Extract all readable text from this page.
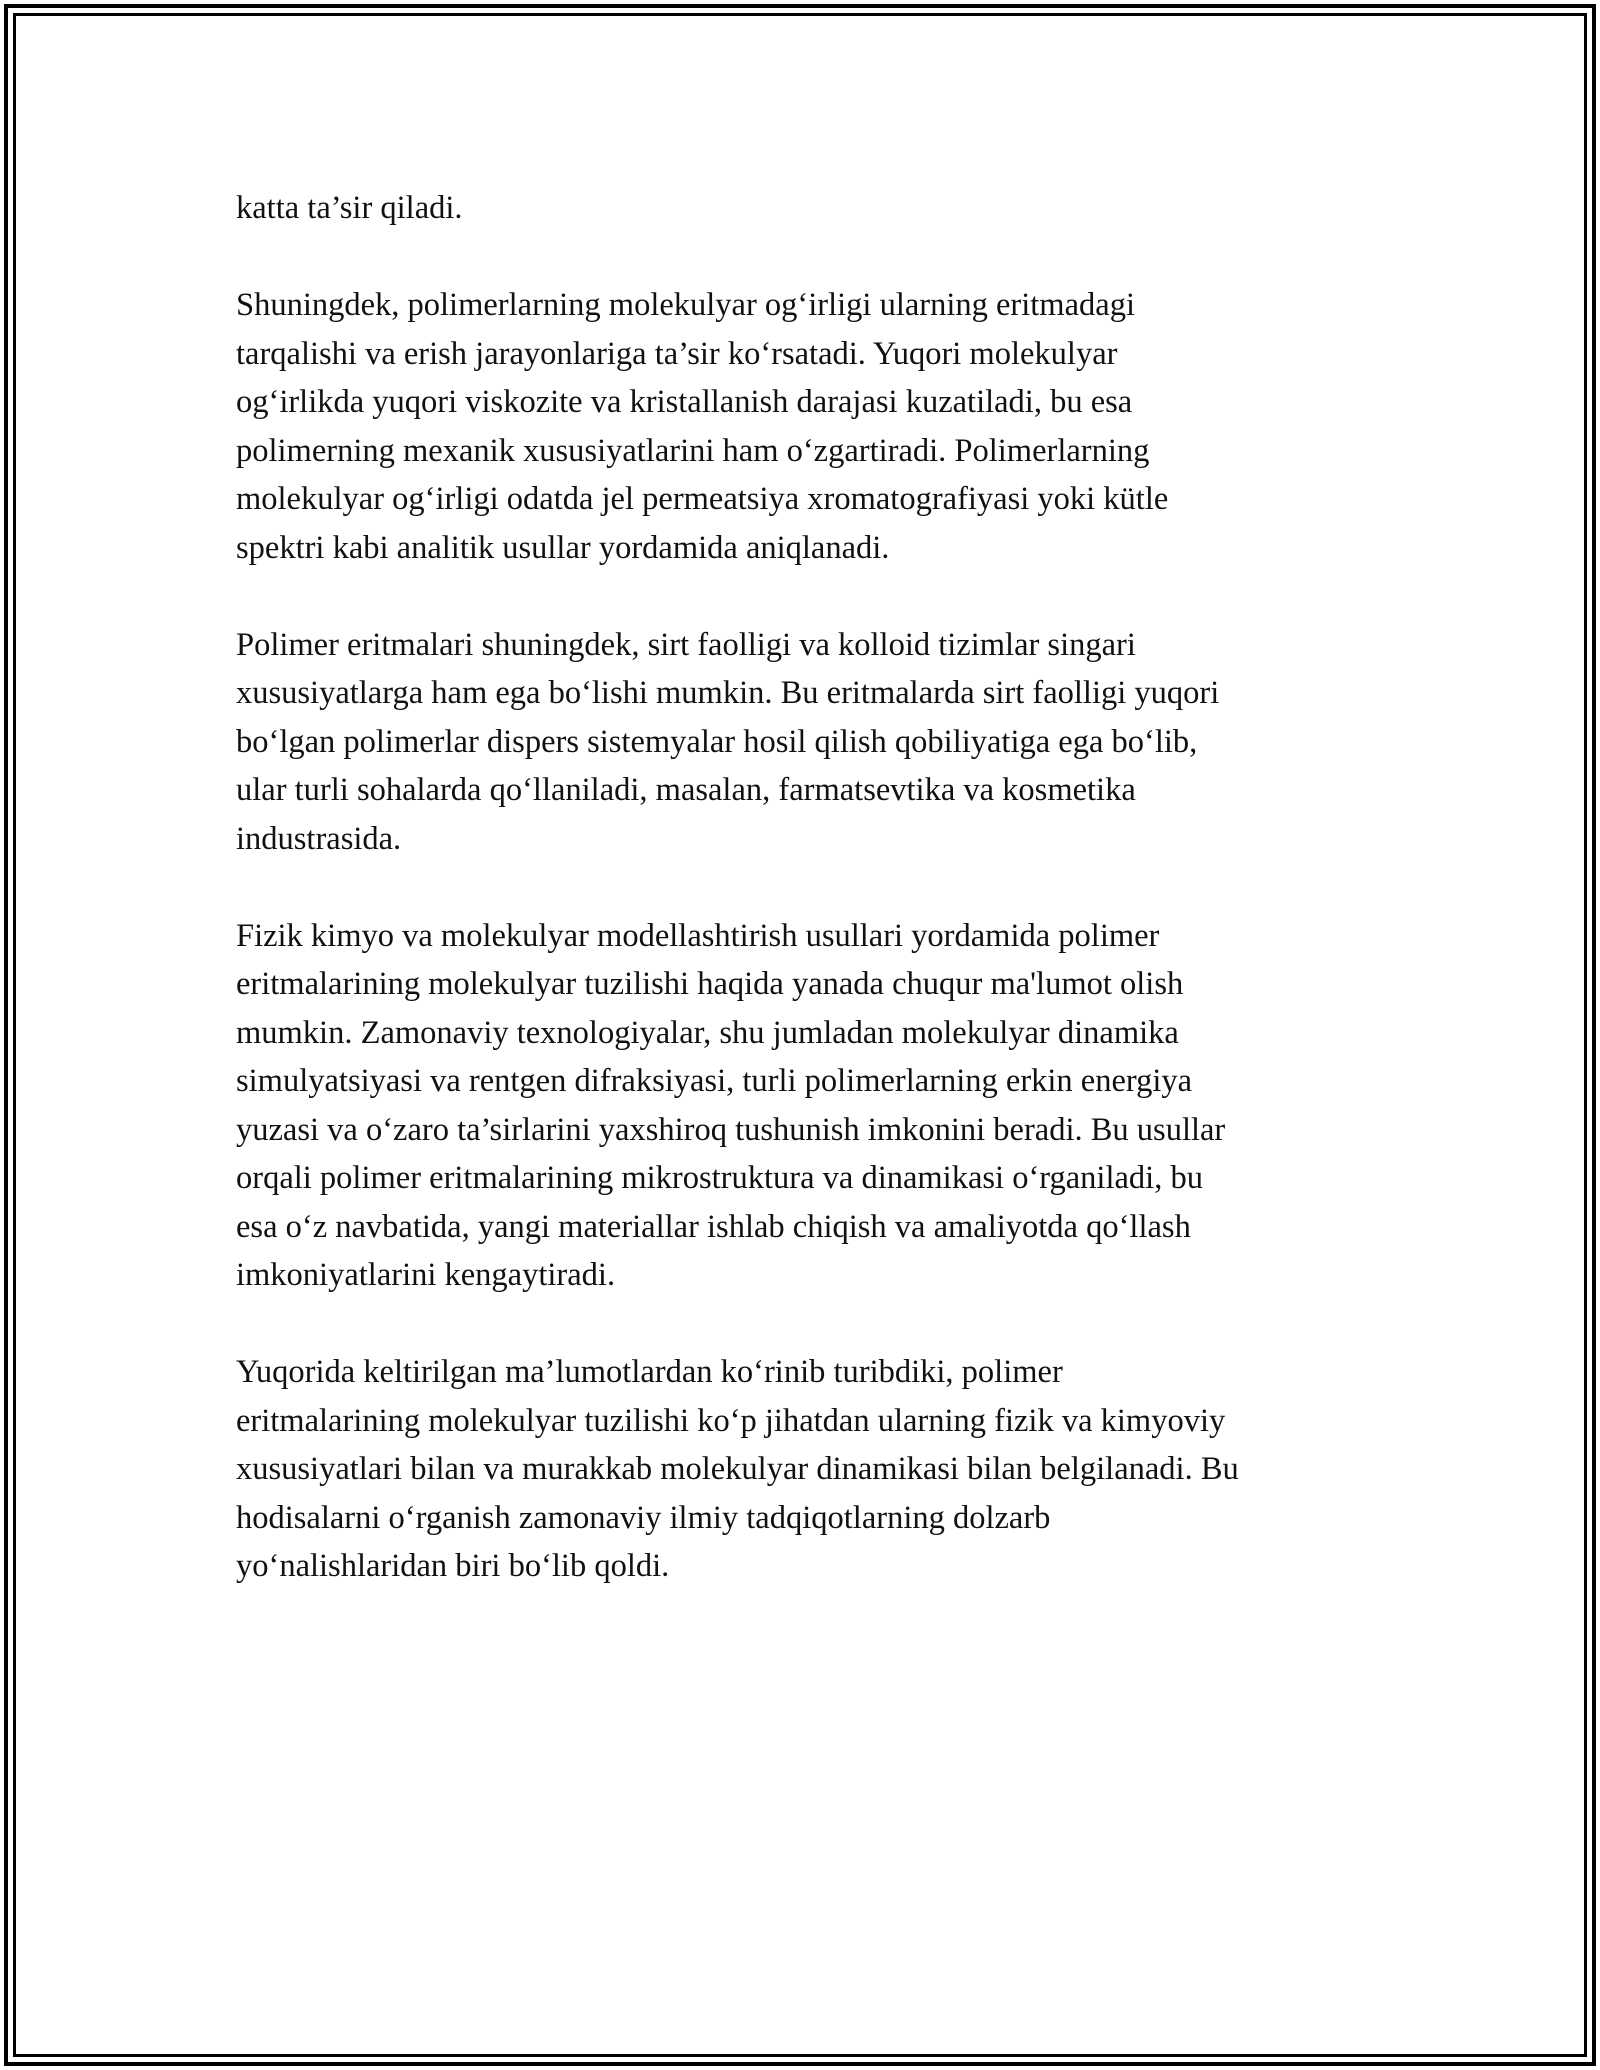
katta ta’sir qiladi.

Shuningdek, polimerlarning molekulyar og‘irligi ularning eritmadagi
tarqalishi va erish jarayonlariga ta’sir ko‘rsatadi. Yuqori molekulyar
og‘irlikda yuqori viskozite va kristallanish darajasi kuzatiladi, bu esa
polimerning mexanik xususiyatlarini ham o‘zgartiradi. Polimerlarning
molekulyar og‘irligi odatda jel permeatsiya xromatografiyasi yoki kütle
spektri kabi analitik usullar yordamida aniqlanadi.

Polimer eritmalari shuningdek, sirt faolligi va kolloid tizimlar singari
xususiyatlarga ham ega bo‘lishi mumkin. Bu eritmalarda sirt faolligi yuqori
bo‘lgan polimerlar dispers sistemyalar hosil qilish qobiliyatiga ega bo‘lib,
ular turli sohalarda qo‘llaniladi, masalan, farmatsevtika va kosmetika
industrasida.

Fizik kimyo va molekulyar modellashtirish usullari yordamida polimer
eritmalarining molekulyar tuzilishi haqida yanada chuqur ma'lumot olish
mumkin. Zamonaviy texnologiyalar, shu jumladan molekulyar dinamika
simulyatsiyasi va rentgen difraksiyasi, turli polimerlarning erkin energiya
yuzasi va o‘zaro ta’sirlarini yaxshiroq tushunish imkonini beradi. Bu usullar
orqali polimer eritmalarining mikrostruktura va dinamikasi o‘rganiladi, bu
esa o‘z navbatida, yangi materiallar ishlab chiqish va amaliyotda qo‘llash
imkoniyatlarini kengaytiradi.

Yuqorida keltirilgan ma’lumotlardan ko‘rinib turibdiki, polimer
eritmalarining molekulyar tuzilishi ko‘p jihatdan ularning fizik va kimyoviy
xususiyatlari bilan va murakkab molekulyar dinamikasi bilan belgilanadi. Bu
hodisalarni o‘rganish zamonaviy ilmiy tadqiqotlarning dolzarb
yo‘nalishlaridan biri bo‘lib qoldi.
